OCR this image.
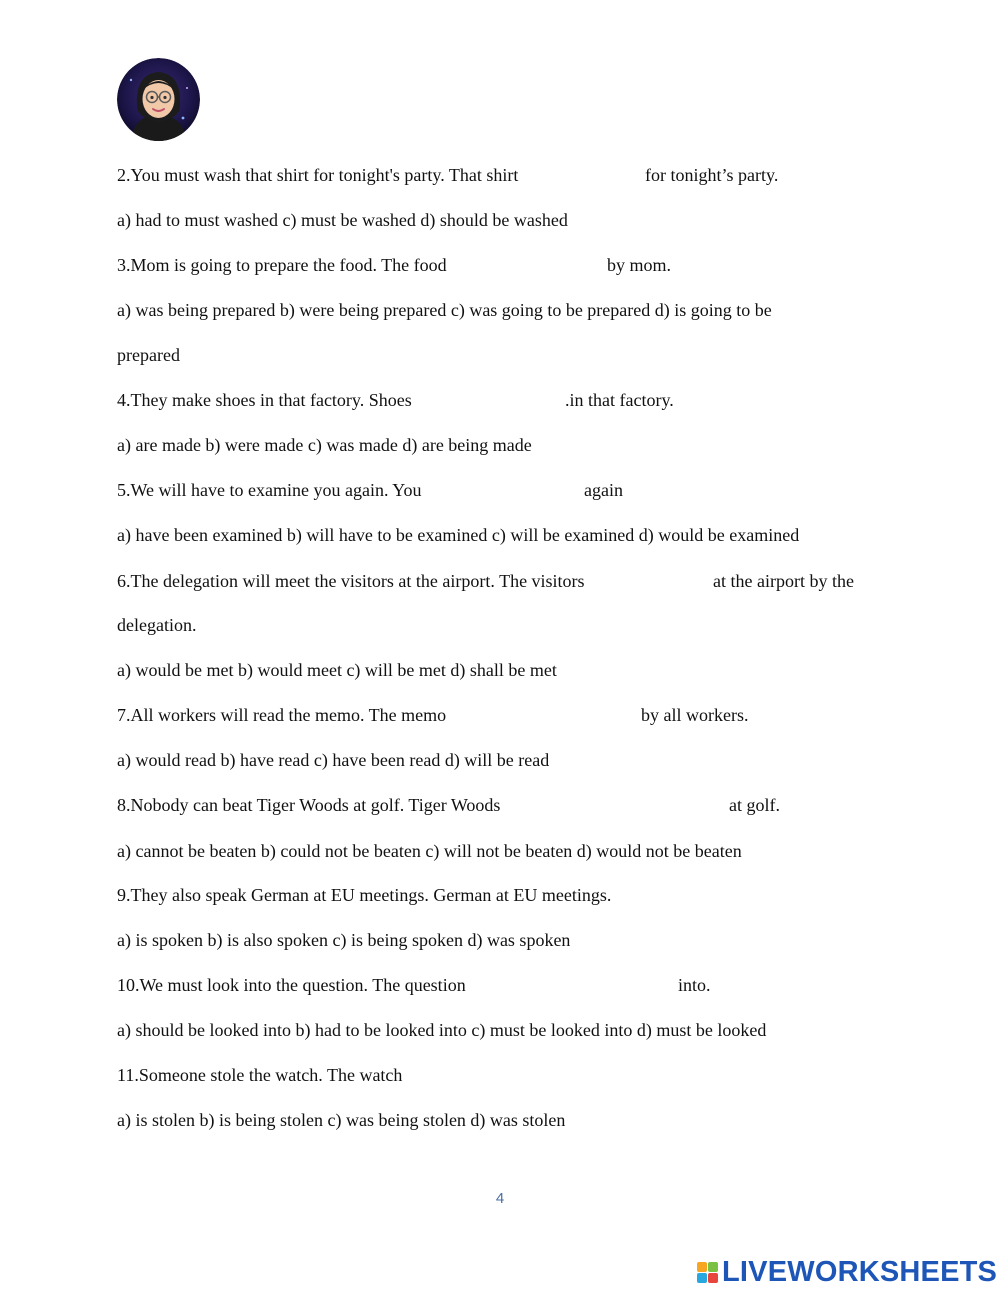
2.You must wash that shirt for tonight's party. That shirt	for tonight’s party.
a) had to must washed c) must be washed d) should be washed
3.Mom is going to prepare the food. The food	by mom.
a) was being prepared b) were being prepared c) was going to be prepared d) is going to be
prepared
4.They make shoes in that factory. Shoes	.in that factory.
a) are made b) were made c) was made d) are being made
5.We will have to examine you again. You	again
a) have been examined b) will have to be examined c) will be examined d) would be examined
6.The delegation will meet the visitors at the airport. The visitors	at the airport by the
delegation.
a) would be met b) would meet c) will be met d) shall be met
7.All workers will read the memo. The memo	by all workers.
a) would read b) have read c) have been read d) will be read
8.Nobody can beat Tiger Woods at golf. Tiger Woods	at golf.
a) cannot be beaten b) could not be beaten c) will not be beaten d) would not be beaten
9.They also speak German at EU meetings. German at EU meetings.
a) is spoken b) is also spoken c) is being spoken d) was spoken
10.We must look into the question. The question	into.
a) should be looked into b) had to be looked into c) must be looked into d) must be looked
11.Someone stole the watch. The watch
a) is stolen b) is being stolen c) was being stolen d) was stolen
4
LIVEWORKSHEETS
